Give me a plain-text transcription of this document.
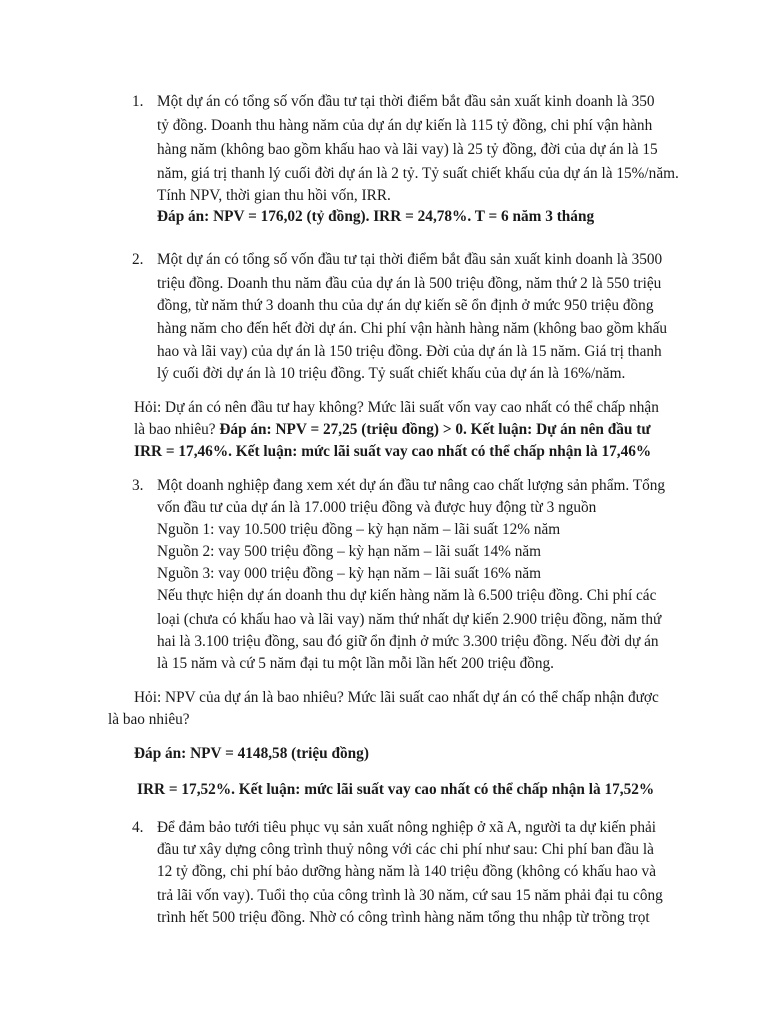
1. Một dự án có tổng số vốn đầu tư tại thời điểm bắt đầu sản xuất kinh doanh là 350
tỷ đồng. Doanh thu hàng năm của dự án dự kiến là 115 tỷ đồng, chi phí vận hành
hàng năm (không bao gồm khấu hao và lãi vay) là 25 tỷ đồng, đời của dự án là 15
năm, giá trị thanh lý cuối đời dự án là 2 tỷ. Tỷ suất chiết khấu của dự án là 15%/năm.
Tính NPV, thời gian thu hồi vốn, IRR.
Đáp án: NPV = 176,02 (tỷ đồng). IRR = 24,78%. T = 6 năm 3 tháng
2. Một dự án có tổng số vốn đầu tư tại thời điểm bắt đầu sản xuất kinh doanh là 3500
triệu đồng. Doanh thu năm đầu của dự án là 500 triệu đồng, năm thứ 2 là 550 triệu
đồng, từ năm thứ 3 doanh thu của dự án dự kiến sẽ ổn định ở mức 950 triệu đồng
hàng năm cho đến hết đời dự án. Chi phí vận hành hàng năm (không bao gồm khấu
hao và lãi vay) của dự án là 150 triệu đồng. Đời của dự án là 15 năm. Giá trị thanh
lý cuối đời dự án là 10 triệu đồng. Tỷ suất chiết khấu của dự án là 16%/năm.
Hỏi: Dự án có nên đầu tư hay không? Mức lãi suất vốn vay cao nhất có thể chấp nhận
là bao nhiêu? Đáp án: NPV = 27,25 (triệu đồng) > 0. Kết luận: Dự án nên đầu tư
IRR = 17,46%. Kết luận: mức lãi suất vay cao nhất có thể chấp nhận là 17,46%
3. Một doanh nghiệp đang xem xét dự án đầu tư nâng cao chất lượng sản phẩm. Tổng
vốn đầu tư của dự án là 17.000 triệu đồng và được huy động từ 3 nguồn
Nguồn 1: vay 10.500 triệu đồng – kỳ hạn năm – lãi suất 12% năm
Nguồn 2: vay 500 triệu đồng – kỳ hạn năm – lãi suất 14% năm
Nguồn 3: vay 000 triệu đồng – kỳ hạn năm – lãi suất 16% năm
Nếu thực hiện dự án doanh thu dự kiến hàng năm là 6.500 triệu đồng. Chi phí các
loại (chưa có khấu hao và lãi vay) năm thứ nhất dự kiến 2.900 triệu đồng, năm thứ
hai là 3.100 triệu đồng, sau đó giữ ổn định ở mức 3.300 triệu đồng. Nếu đời dự án
là 15 năm và cứ 5 năm đại tu một lần mỗi lần hết 200 triệu đồng.
Hỏi: NPV của dự án là bao nhiêu? Mức lãi suất cao nhất dự án có thể chấp nhận được
là bao nhiêu?
Đáp án: NPV = 4148,58 (triệu đồng)
IRR = 17,52%. Kết luận: mức lãi suất vay cao nhất có thể chấp nhận là 17,52%
4. Để đảm bảo tưới tiêu phục vụ sản xuất nông nghiệp ở xã A, người ta dự kiến phải
đầu tư xây dựng công trình thuỷ nông với các chi phí như sau: Chi phí ban đầu là
12 tỷ đồng, chi phí bảo dưỡng hàng năm là 140 triệu đồng (không có khấu hao và
trả lãi vốn vay). Tuổi thọ của công trình là 30 năm, cứ sau 15 năm phải đại tu công
trình hết 500 triệu đồng. Nhờ có công trình hàng năm tổng thu nhập từ trồng trọt
